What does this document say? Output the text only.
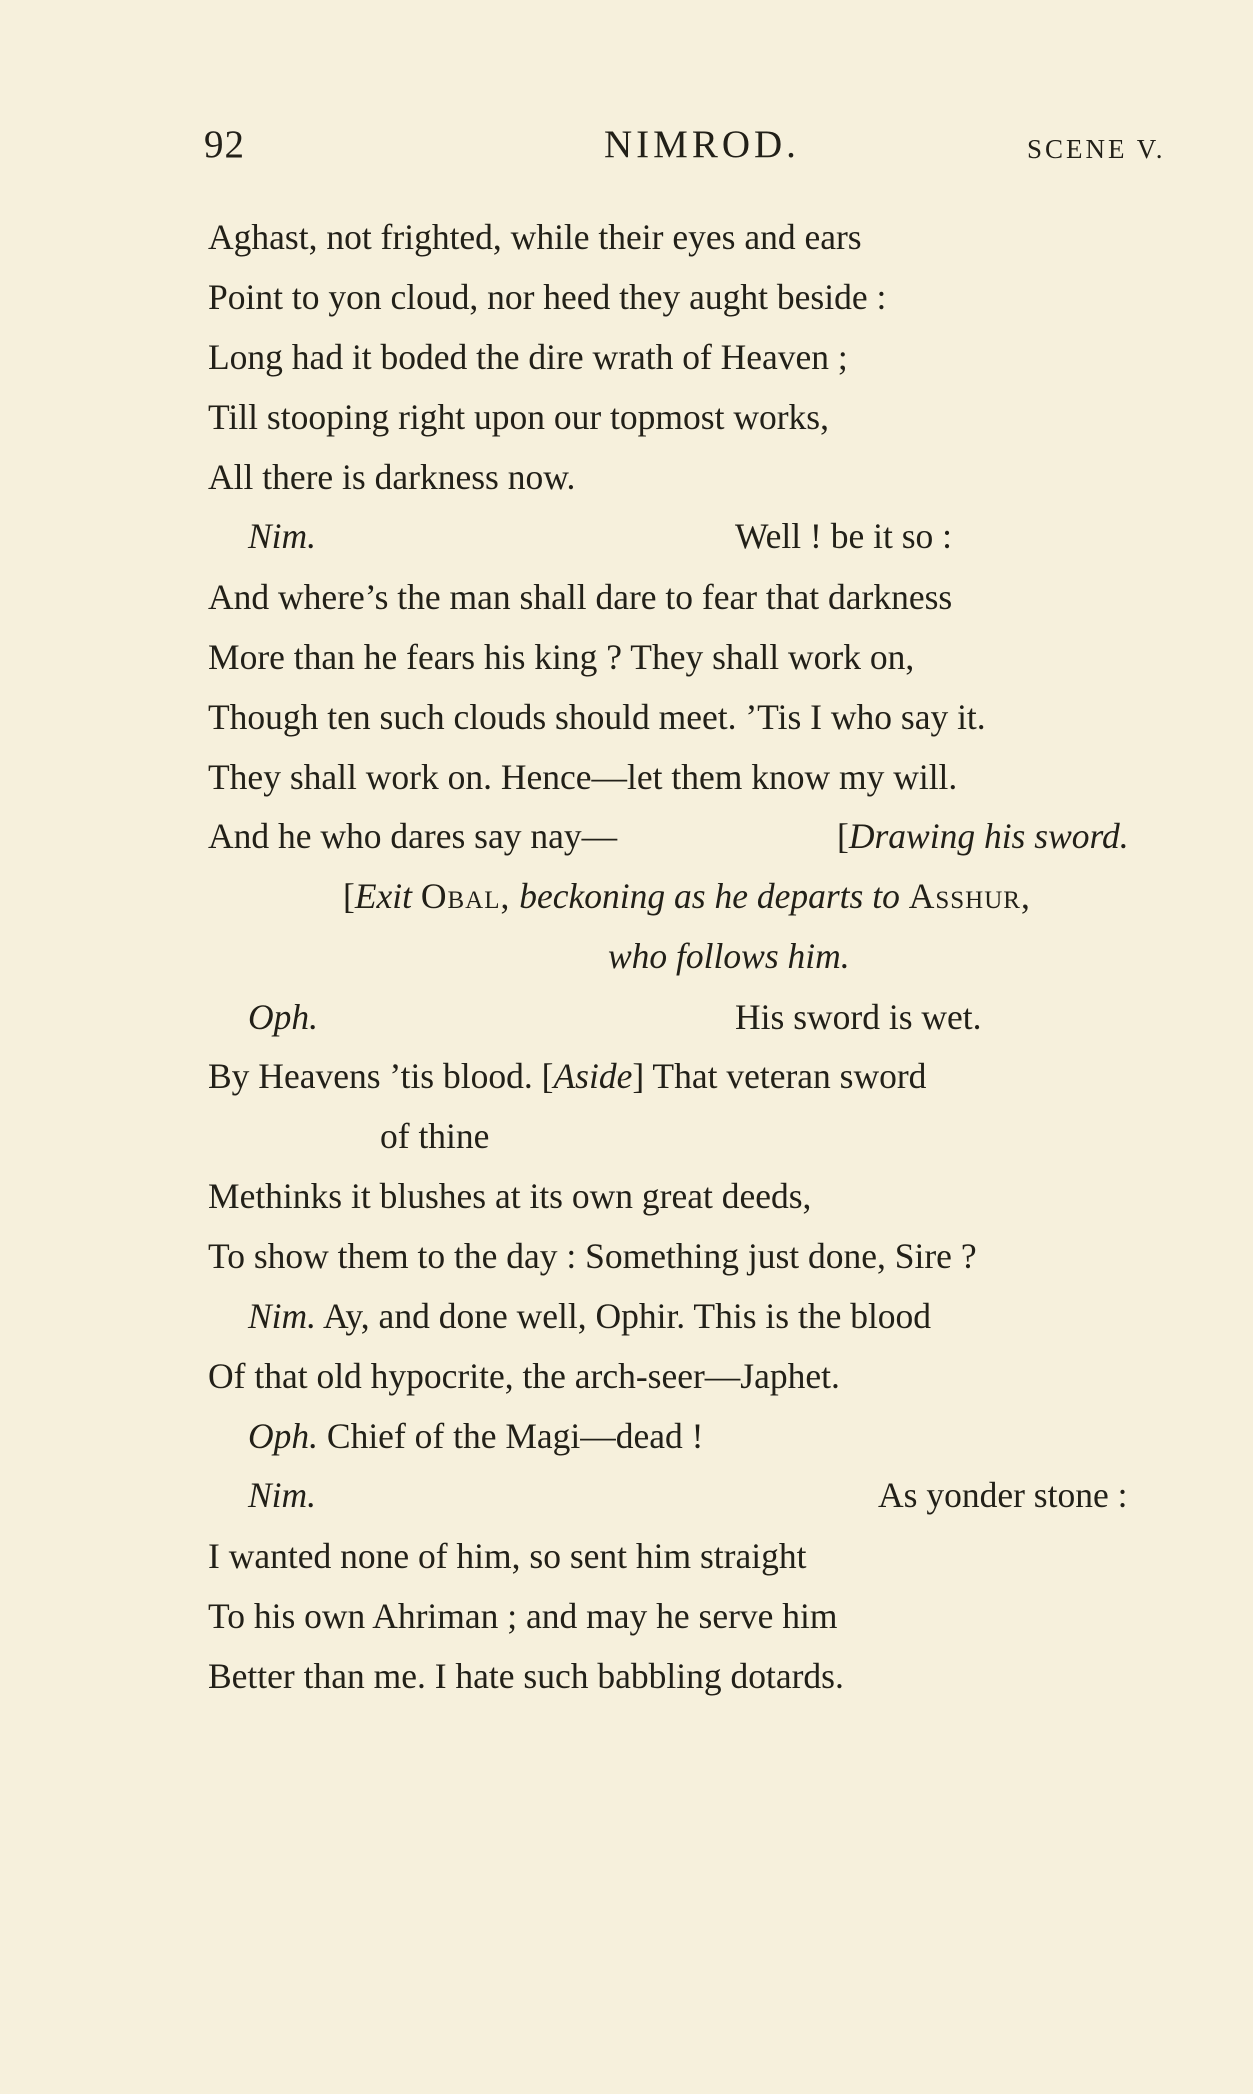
92	NIMROD.	SCENE V.
Aghast, not frighted, while their eyes and ears
Point to yon cloud, nor heed they aught beside :
Long had it boded the dire wrath of Heaven ;
Till stooping right upon our topmost works,
All there is darkness now.
Nim.	Well ! be it so :
And where’s the man shall dare to fear that darkness
More than he fears his king ? They shall work on,
Though ten such clouds should meet. ’Tis I who say it.
They shall work on. Hence—let them know my will.
And he who dares say nay—	[Drawing his sword.
[Exit Obal, beckoning as he departs to Asshur,
who follows him.
Oph.	His sword is wet.
By Heavens ’tis blood. [Aside] That veteran sword
of thine
Methinks it blushes at its own great deeds,
To show them to the day : Something just done, Sire ?
Nim. Ay, and done well, Ophir. This is the blood
Of that old hypocrite, the arch-seer—Japhet.
Oph. Chief of the Magi—dead !
Nim.	As yonder stone :
I wanted none of him, so sent him straight
To his own Ahriman ; and may he serve him
Better than me. I hate such babbling dotards.
